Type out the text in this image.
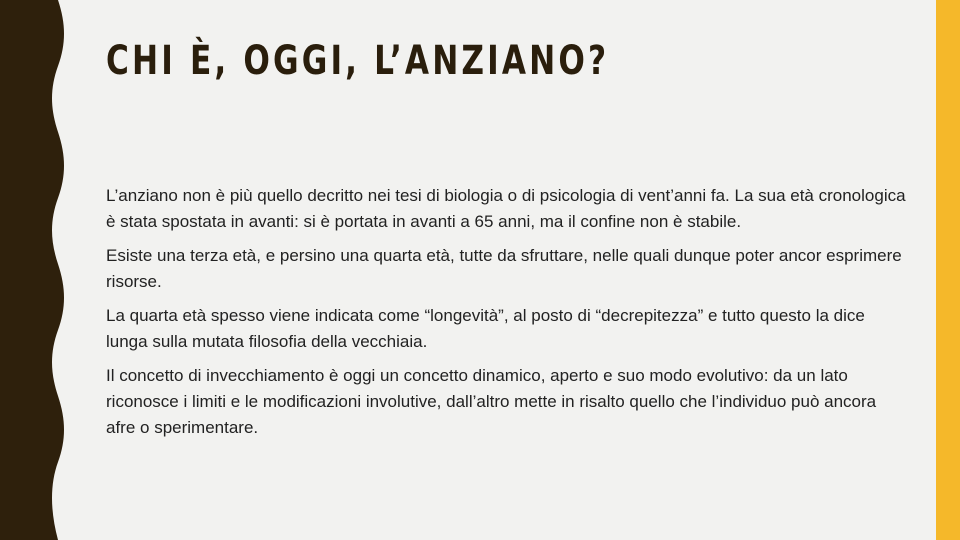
CHI È, OGGI, L’ANZIANO?

L’anziano non è più quello decritto nei tesi di biologia o di psicologia di vent’anni fa. La sua età cronologica è stata spostata in avanti: si è portata in avanti a 65 anni, ma il confine non è stabile.

Esiste una terza età, e persino una quarta età, tutte da sfruttare, nelle quali dunque poter ancor esprimere risorse.

La quarta età spesso viene indicata come “longevità”, al posto di “decrepitezza” e tutto questo la dice lunga sulla mutata filosofia della vecchiaia.

Il concetto di invecchiamento è oggi un concetto dinamico, aperto e suo modo evolutivo: da un lato riconosce i limiti e le modificazioni involutive, dall’altro mette in risalto quello che l’individuo può ancora afre o sperimentare.
